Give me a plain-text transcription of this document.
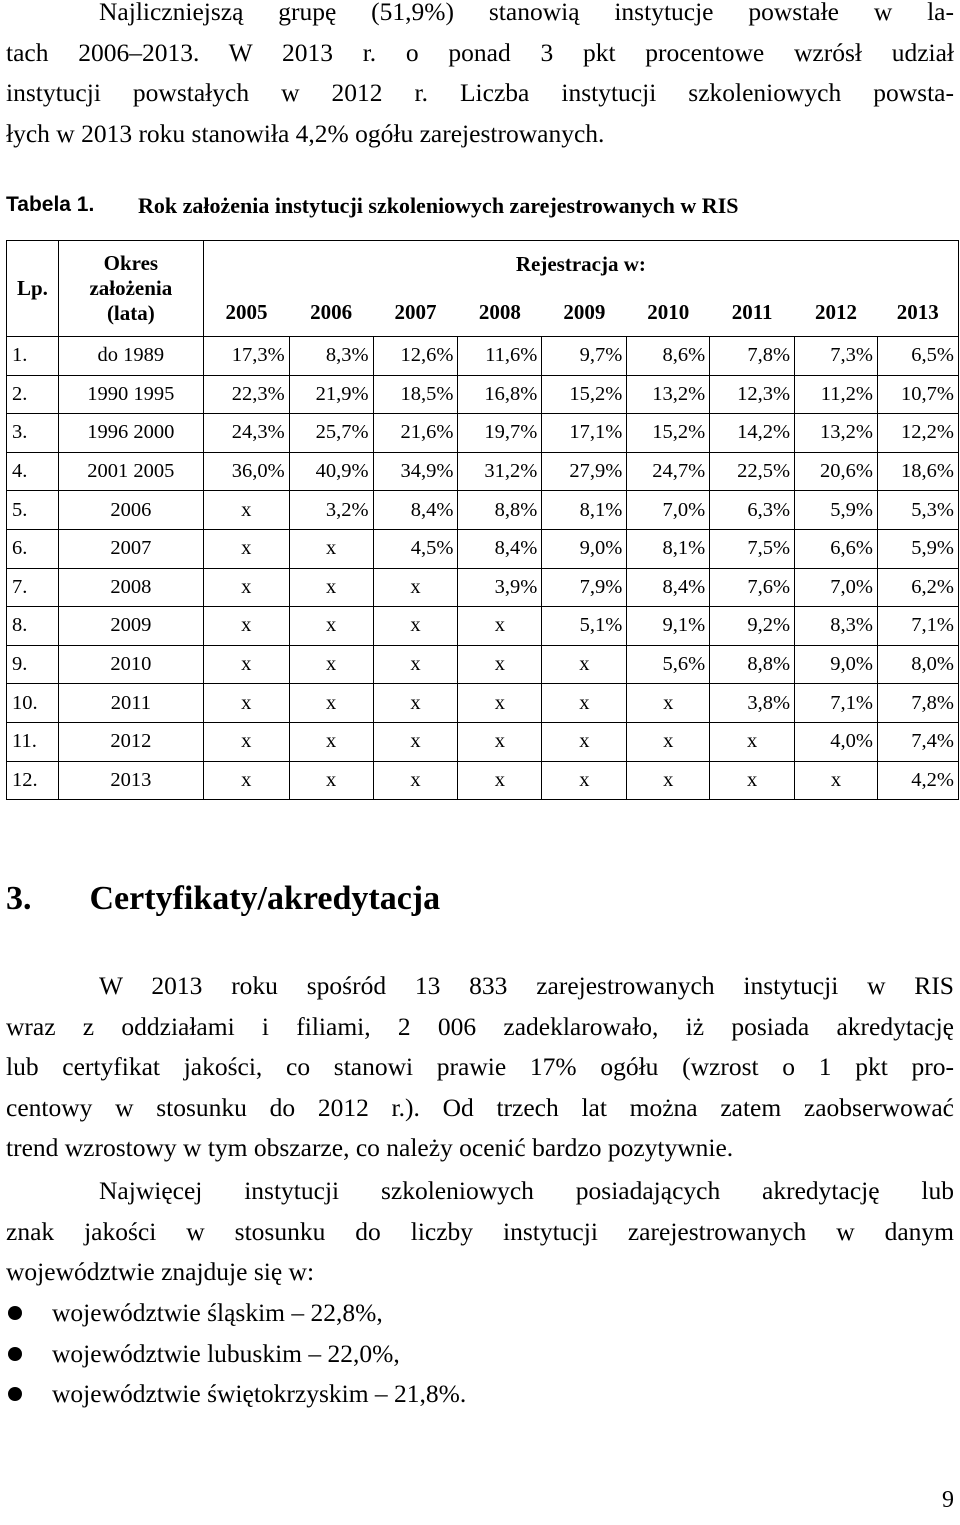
Najliczniejszą grupę (51,9%) stanowią instytucje powstałe w la-
tach 2006–2013. W 2013 r. o ponad 3 pkt procentowe wzrósł udział
instytucji powstałych w 2012 r. Liczba instytucji szkoleniowych powsta-
łych w 2013 roku stanowiła 4,2% ogółu zarejestrowanych.
Tabela 1. Rok założenia instytucji szkoleniowych zarejestrowanych w RIS
Lp.	Okres
założenia
(lata)	Rejestracja w:								
		2005	2006	2007	2008	2009	2010	2011	2012	2013
1.	do 1989	17,3%	8,3%	12,6%	11,6%	9,7%	8,6%	7,8%	7,3%	6,5%
2.	1990 1995	22,3%	21,9%	18,5%	16,8%	15,2%	13,2%	12,3%	11,2%	10,7%
3.	1996 2000	24,3%	25,7%	21,6%	19,7%	17,1%	15,2%	14,2%	13,2%	12,2%
4.	2001 2005	36,0%	40,9%	34,9%	31,2%	27,9%	24,7%	22,5%	20,6%	18,6%
5.	2006	x	3,2%	8,4%	8,8%	8,1%	7,0%	6,3%	5,9%	5,3%
6.	2007	x	x	4,5%	8,4%	9,0%	8,1%	7,5%	6,6%	5,9%
7.	2008	x	x	x	3,9%	7,9%	8,4%	7,6%	7,0%	6,2%
8.	2009	x	x	x	x	5,1%	9,1%	9,2%	8,3%	7,1%
9.	2010	x	x	x	x	x	5,6%	8,8%	9,0%	8,0%
10.	2011	x	x	x	x	x	x	3,8%	7,1%	7,8%
11.	2012	x	x	x	x	x	x	x	4,0%	7,4%
12.	2013	x	x	x	x	x	x	x	x	4,2%
3. Certyfikaty/akredytacja
W 2013 roku spośród 13 833 zarejestrowanych instytucji w RIS
wraz z oddziałami i filiami, 2 006 zadeklarowało, iż posiada akredytację
lub certyfikat jakości, co stanowi prawie 17% ogółu (wzrost o 1 pkt pro-
centowy w stosunku do 2012 r.). Od trzech lat można zatem zaobserwować
trend wzrostowy w tym obszarze, co należy ocenić bardzo pozytywnie.
Najwięcej instytucji szkoleniowych posiadających akredytację lub
znak jakości w stosunku do liczby instytucji zarejestrowanych w danym
województwie znajduje się w:
województwie śląskim – 22,8%,
województwie lubuskim – 22,0%,
województwie świętokrzyskim – 21,8%.
9
